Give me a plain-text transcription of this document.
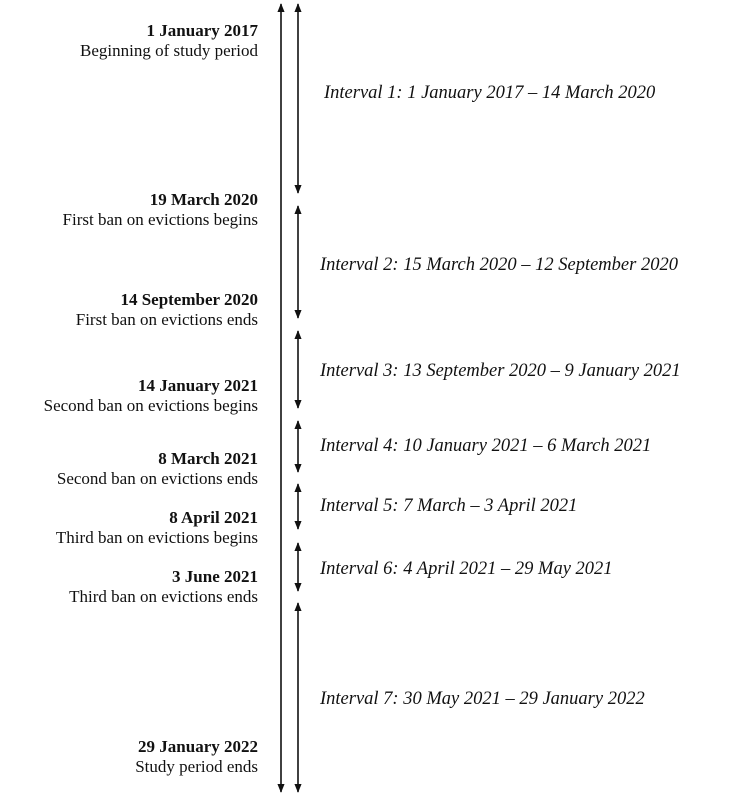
1 January 2017
Beginning of study period
19 March 2020
First ban on evictions begins
14 September 2020
First ban on evictions ends
14 January 2021
Second ban on evictions begins
8 March 2021
Second ban on evictions ends
8 April 2021
Third ban on evictions begins
3 June 2021
Third ban on evictions ends
29 January 2022
Study period ends
Interval 1: 1 January 2017 – 14 March 2020
Interval 2: 15 March 2020 – 12 September 2020
Interval 3: 13 September 2020 – 9 January 2021
Interval 4: 10 January 2021 – 6 March 2021
Interval 5: 7 March – 3 April 2021
Interval 6: 4 April 2021 – 29 May 2021
Interval 7: 30 May 2021 – 29 January 2022
